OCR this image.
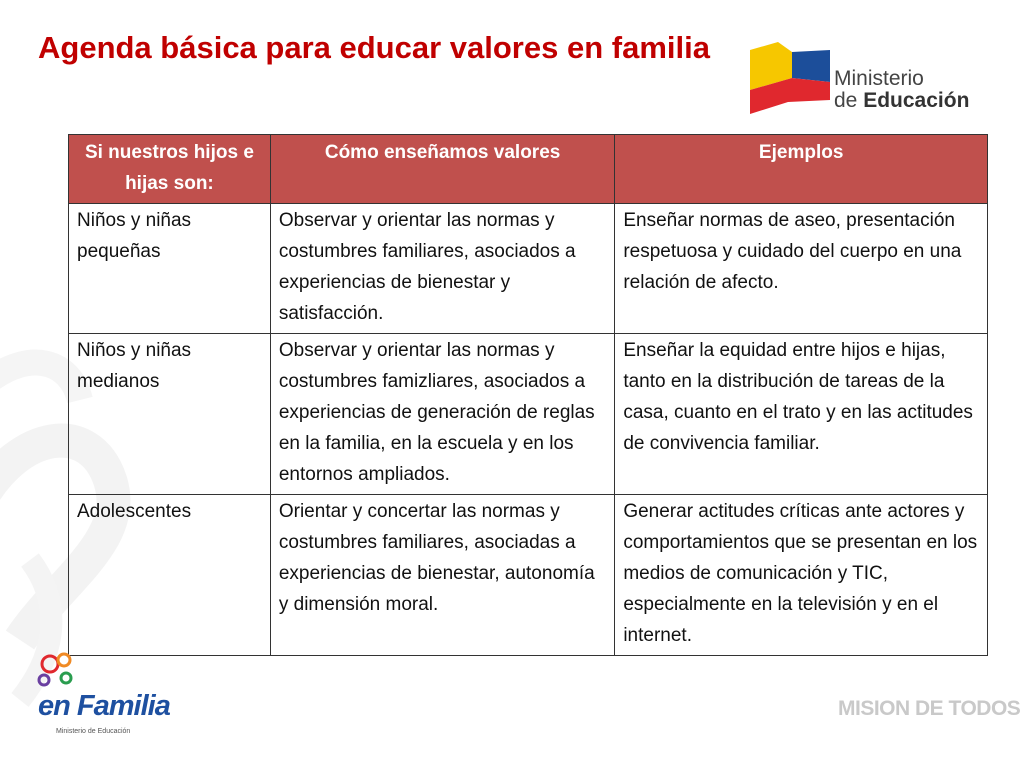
Agenda básica para educar valores en familia
Ministerio
de Educación
Si nuestros hijos e hijas son:	Cómo enseñamos valores	Ejemplos
Niños y niñas pequeñas	Observar y orientar las normas y costumbres familiares, asociados a experiencias de bienestar y satisfacción.	Enseñar normas de aseo, presentación respetuosa y cuidado del cuerpo en una relación de afecto.
Niños y niñas medianos	Observar y orientar las normas y costumbres famizliares, asociados a experiencias de generación de reglas en la familia, en la escuela y en los entornos ampliados.	Enseñar la equidad entre hijos e hijas, tanto en la distribución de tareas de la casa, cuanto en el trato y en las actitudes de convivencia familiar.
Adolescentes	Orientar y concertar las normas y costumbres familiares, asociadas a experiencias de bienestar, autonomía y dimensión moral.	Generar actitudes críticas ante actores y comportamientos que se presentan en los medios de comunicación y TIC, especialmente en la televisión y en el internet.
en Familia
Ministerio de Educación
MISION DE TODOS
